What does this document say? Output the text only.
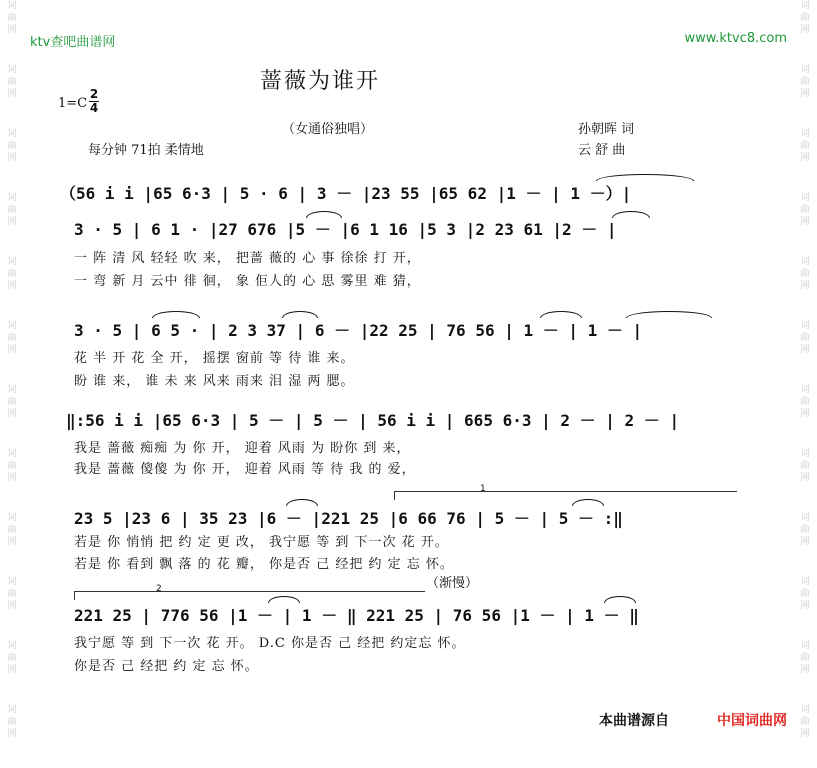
ktv查吧曲谱网	www.ktvc8.com
词曲网
词曲网
词曲网
词曲网
词曲网
词曲网
词曲网
词曲网
词曲网
词曲网
词曲网
词曲网
词曲网
词曲网
词曲网
词曲网
词曲网
词曲网
词曲网
词曲网
词曲网
词曲网
词曲网
词曲网
蔷薇为谁开
1=C
2
4
（女通俗独唱）
每分钟 71拍 柔情地
孙朝晖 词
云 舒 曲
（56 i i |65 6·3 | 5 · 6 | 3 － |23 55 |65 62 |1 － | 1 －）|
3 · 5 | 6 1 · |27 676 |5 － |6 1 16 |5 3 |2 23 61 |2 － |
一 阵 清 风 轻轻 吹 来， 把蔷 薇的 心 事 徐徐 打 开，
一 弯 新 月 云中 徘 徊， 象 佢人的 心 思 雾里 难 猜，
3 · 5 | 6 5 · | 2 3 37 | 6 － |22 25 | 76 56 | 1 － | 1 － |
花 半 开 花 全 开， 摇摆 窗前 等 待 谁 来。
盼 谁 来， 谁 未 来 风来 雨来 泪 湿 两 腮。
‖:56 i i |65 6·3 | 5 － | 5 － | 56 i i | 665 6·3 | 2 － | 2 － |
我是 蔷薇 痴痴 为 你 开， 迎着 风雨 为 盼你 到 来，
我是 蔷薇 傻傻 为 你 开， 迎着 风雨 等 待 我 的 爱，
1
23 5 |23 6 | 35 23 |6 － |221 25 |6 66 76 | 5 － | 5 － :‖
若是 你 悄悄 把 约 定 更 改， 我宁愿 等 到 下一次 花 开。
若是 你 看到 飘 落 的 花 瓣， 你是否 己 经把 约 定 忘 怀。
2	（渐慢）
221 25 | 776 56 |1 － | 1 － ‖ 221 25 | 76 56 |1 － | 1 － ‖
我宁愿 等 到 下一次 花 开。 D.C 你是否 己 经把 约定忘 怀。
你是否 己 经把 约 定 忘 怀。
本曲谱源自	中国词曲网
